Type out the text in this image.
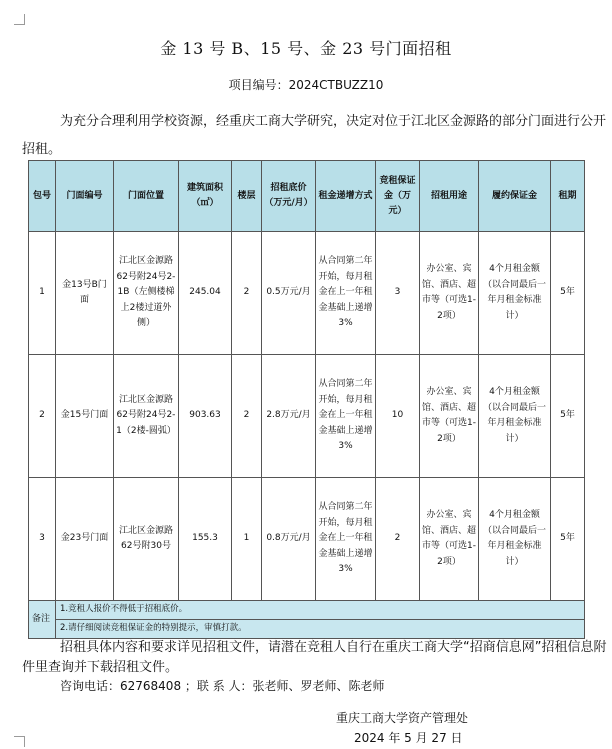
金 13 号 B、15 号、金 23 号门面招租
项目编号：2024CTBUZZ10
为充分合理利用学校资源，经重庆工商大学研究，决定对位于江北区金源路的部分门面进行公开招租。
包号	门面编号	门面位置	建筑面积（㎡）	楼层	招租底价（万元/月）	租金递增方式	竞租保证金（万元）	招租用途	履约保证金	租期
1	金13号B门面	江北区金源路62号附24号2-1B（左侧楼梯上2楼过道外侧）	245.04	2	0.5万元/月	从合同第二年开始，每月租金在上一年租金基础上递增3%	3	办公室、宾馆、酒店、超市等（可选1-2项）	4个月租金额（以合同最后一年月租金标准计）	5年
2	金15号门面	江北区金源路62号附24号2-1（2楼-圆弧）	903.63	2	2.8万元/月	从合同第二年开始，每月租金在上一年租金基础上递增3%	10	办公室、宾馆、酒店、超市等（可选1-2项）	4个月租金额（以合同最后一年月租金标准计）	5年
3	金23号门面	江北区金源路62号附30号	155.3	1	0.8万元/月	从合同第二年开始，每月租金在上一年租金基础上递增3%	2	办公室、宾馆、酒店、超市等（可选1-2项）	4个月租金额（以合同最后一年月租金标准计）	5年
备注	1.竞租人报价不得低于招租底价。									
	2.请仔细阅读竞租保证金的特别提示，审慎打款。									
招租具体内容和要求详见招租文件，请潜在竞租人自行在重庆工商大学“招商信息网”招租信息附件里查询并下载招租文件。
咨询电话：62768408 ；联 系 人：张老师、罗老师、陈老师
重庆工商大学资产管理处
2024 年 5 月 27 日
